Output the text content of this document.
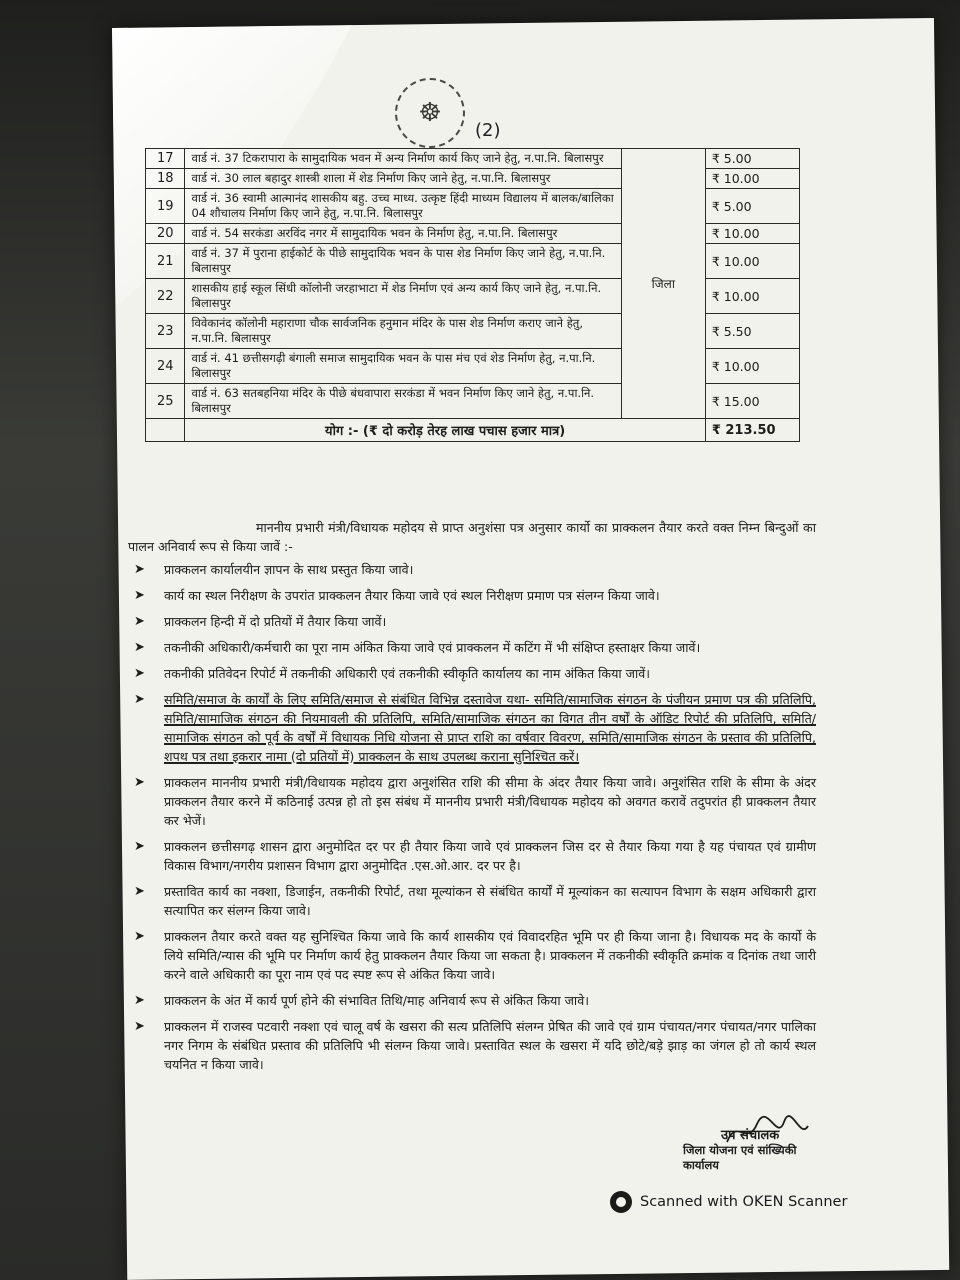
☸
(2)
17	वार्ड नं. 37 टिकरापारा के सामुदायिक भवन में अन्य निर्माण कार्य किए जाने हेतु, न.पा.नि. बिलासपुर	जिला	₹ 5.00
18	वार्ड नं. 30 लाल बहादुर शास्त्री शाला में शेड निर्माण किए जाने हेतु, न.पा.नि. बिलासपुर		₹ 10.00
19	वार्ड नं. 36 स्वामी आत्मानंद शासकीय बहु. उच्च माध्य. उत्कृष्ट हिंदी माध्यम विद्यालय में बालक/बालिका 04 शौचालय निर्माण किए जाने हेतु, न.पा.नि. बिलासपुर		₹ 5.00
20	वार्ड नं. 54 सरकंडा अरविंद नगर में सामुदायिक भवन के निर्माण हेतु, न.पा.नि. बिलासपुर		₹ 10.00
21	वार्ड नं. 37 में पुराना हाईकोर्ट के पीछे सामुदायिक भवन के पास शेड निर्माण किए जाने हेतु, न.पा.नि. बिलासपुर		₹ 10.00
22	शासकीय हाई स्कूल सिंधी कॉलोनी जरहाभाटा में शेड निर्माण एवं अन्य कार्य किए जाने हेतु, न.पा.नि. बिलासपुर		₹ 10.00
23	विवेकानंद कॉलोनी महाराणा चौक सार्वजनिक हनुमान मंदिर के पास शेड निर्माण कराए जाने हेतु, न.पा.नि. बिलासपुर		₹ 5.50
24	वार्ड नं. 41 छत्तीसगढ़ी बंगाली समाज सामुदायिक भवन के पास मंच एवं शेड निर्माण हेतु, न.पा.नि. बिलासपुर		₹ 10.00
25	वार्ड नं. 63 सतबहनिया मंदिर के पीछे बंधवापारा सरकंडा में भवन निर्माण किए जाने हेतु, न.पा.नि. बिलासपुर		₹ 15.00
	योग :- (₹ दो करोड़ तेरह लाख पचास हजार मात्र)		₹ 213.50

माननीय प्रभारी मंत्री/विधायक महोदय से प्राप्त अनुशंसा पत्र अनुसार कार्यो का प्राक्कलन तैयार करते वक्त निम्न बिन्दुओं का पालन अनिवार्य रूप से किया जावें :-

➤ प्राक्कलन कार्यालयीन ज्ञापन के साथ प्रस्तुत किया जावे।
➤ कार्य का स्थल निरीक्षण के उपरांत प्राक्कलन तैयार किया जावे एवं स्थल निरीक्षण प्रमाण पत्र संलग्न किया जावे।
➤ प्राक्कलन हिन्दी में दो प्रतियों में तैयार किया जावें।
➤ तकनीकी अधिकारी/कर्मचारी का पूरा नाम अंकित किया जावे एवं प्राक्कलन में कटिंग में भी संक्षिप्त हस्ताक्षर किया जावें।
➤ तकनीकी प्रतिवेदन रिपोर्ट में तकनीकी अधिकारी एवं तकनीकी स्वीकृति कार्यालय का नाम अंकित किया जावें।
➤ समिति/समाज के कार्यों के लिए समिति/समाज से संबंधित विभिन्न दस्तावेज यथा- समिति/सामाजिक संगठन के पंजीयन प्रमाण पत्र की प्रतिलिपि, समिति/सामाजिक संगठन की नियमावली की प्रतिलिपि, समिति/सामाजिक संगठन का विगत तीन वर्षों के ऑडिट रिपोर्ट की प्रतिलिपि, समिति/सामाजिक संगठन को पूर्व के वर्षों में विधायक निधि योजना से प्राप्त राशि का वर्षवार विवरण, समिति/सामाजिक संगठन के प्रस्ताव की प्रतिलिपि, शपथ पत्र तथा इकरार नामा (दो प्रतियों में) प्राक्कलन के साथ उपलब्ध कराना सुनिश्चित करें।
➤ प्राक्कलन माननीय प्रभारी मंत्री/विधायक महोदय द्वारा अनुशंसित राशि की सीमा के अंदर तैयार किया जावे। अनुशंसित राशि के सीमा के अंदर प्राक्कलन तैयार करने में कठिनाई उत्पन्न हो तो इस संबंध में माननीय प्रभारी मंत्री/विधायक महोदय को अवगत करावें तदुपरांत ही प्राक्कलन तैयार कर भेजें।
➤ प्राक्कलन छत्तीसगढ़ शासन द्वारा अनुमोदित दर पर ही तैयार किया जावे एवं प्राक्कलन जिस दर से तैयार किया गया है यह पंचायत एवं ग्रामीण विकास विभाग/नगरीय प्रशासन विभाग द्वारा अनुमोदित .एस.ओ.आर. दर पर है।
➤ प्रस्तावित कार्य का नक्शा, डिजाईन, तकनीकी रिपोर्ट, तथा मूल्यांकन से संबंधित कार्यों में मूल्यांकन का सत्यापन विभाग के सक्षम अधिकारी द्वारा सत्यापित कर संलग्न किया जावे।
➤ प्राक्कलन तैयार करते वक्त यह सुनिश्चित किया जावे कि कार्य शासकीय एवं विवादरहित भूमि पर ही किया जाना है। विधायक मद के कार्यो के लिये समिति/न्यास की भूमि पर निर्माण कार्य हेतु प्राक्कलन तैयार किया जा सकता है। प्राक्कलन में तकनीकी स्वीकृति क्रमांक व दिनांक तथा जारी करने वाले अधिकारी का पूरा नाम एवं पद स्पष्ट रूप से अंकित किया जावे।
➤ प्राक्कलन के अंत में कार्य पूर्ण होने की संभावित तिथि/माह अनिवार्य रूप से अंकित किया जावे।
➤ प्राक्कलन में राजस्व पटवारी नक्शा एवं चालू वर्ष के खसरा की सत्य प्रतिलिपि संलग्न प्रेषित की जावे एवं ग्राम पंचायत/नगर पंचायत/नगर पालिका नगर निगम के संबंधित प्रस्ताव की प्रतिलिपि भी संलग्न किया जावे। प्रस्तावित स्थल के खसरा में यदि छोटे/बड़े झाड़ का जंगल हो तो कार्य स्थल चयनित न किया जावे।
उप संचालक
जिला योजना एवं सांख्यिकी कार्यालय
Scanned with OKEN Scanner
